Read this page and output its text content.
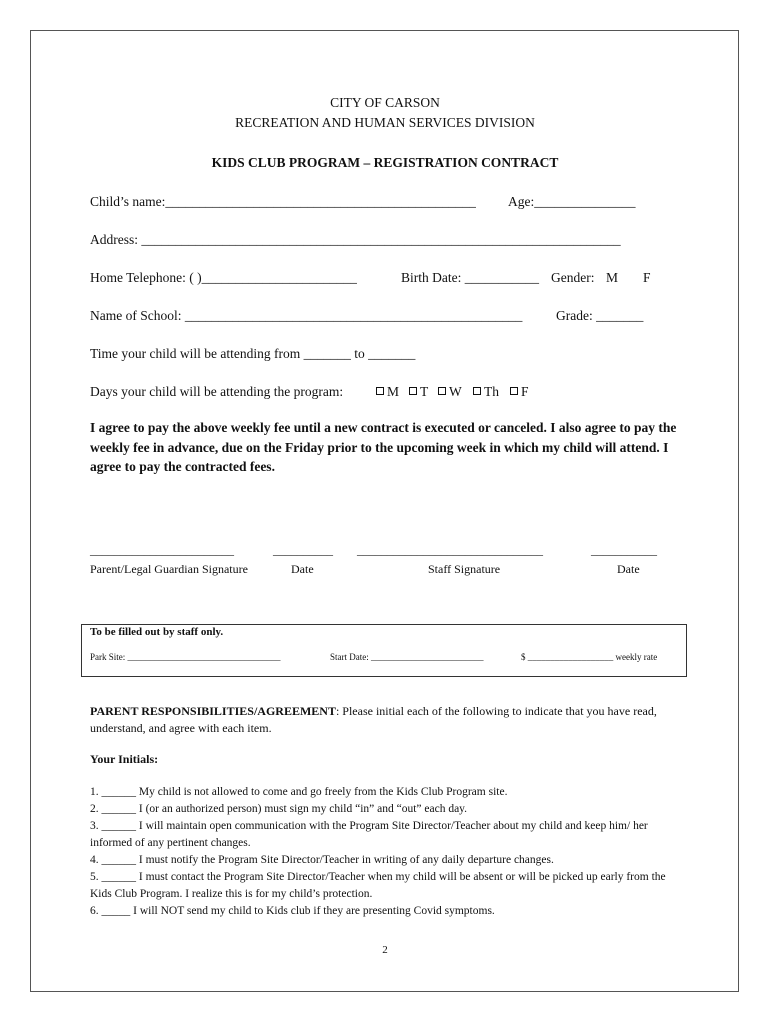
CITY OF CARSON
RECREATION AND HUMAN SERVICES DIVISION
KIDS CLUB PROGRAM – REGISTRATION CONTRACT
Child’s name:______________________________________________ Age:_______________
Address: _______________________________________________________________________
Home Telephone: ( )_______________________	Birth Date: ___________ Gender: M F
Name of School: __________________________________________________ Grade: _______
Time your child will be attending from _______ to _______
Days your child will be attending the program:	M	T	W	Th	F
I agree to pay the above weekly fee until a new contract is executed or canceled. I also agree to pay the weekly fee in advance, due on the Friday prior to the upcoming week in which my child will attend. I agree to pay the contracted fees.
________________________	__________ _______________________________	___________
Parent/Legal Guardian Signature	Date	Staff Signature	Date
To be filled out by staff only.
Park Site: __________________________________	Start Date: _________________________	$ ___________________ weekly rate
PARENT RESPONSIBILITIES/AGREEMENT: Please initial each of the following to indicate that you have read, understand, and agree with each item.
Your Initials:
1. ______ My child is not allowed to come and go freely from the Kids Club Program site.
2. ______ I (or an authorized person) must sign my child “in” and “out” each day.
3. ______ I will maintain open communication with the Program Site Director/Teacher about my child and keep him/ her informed of any pertinent changes.
4. ______ I must notify the Program Site Director/Teacher in writing of any daily departure changes.
5. ______ I must contact the Program Site Director/Teacher when my child will be absent or will be picked up early from the Kids Club Program. I realize this is for my child’s protection.
6. _____ I will NOT send my child to Kids club if they are presenting Covid symptoms.
2
